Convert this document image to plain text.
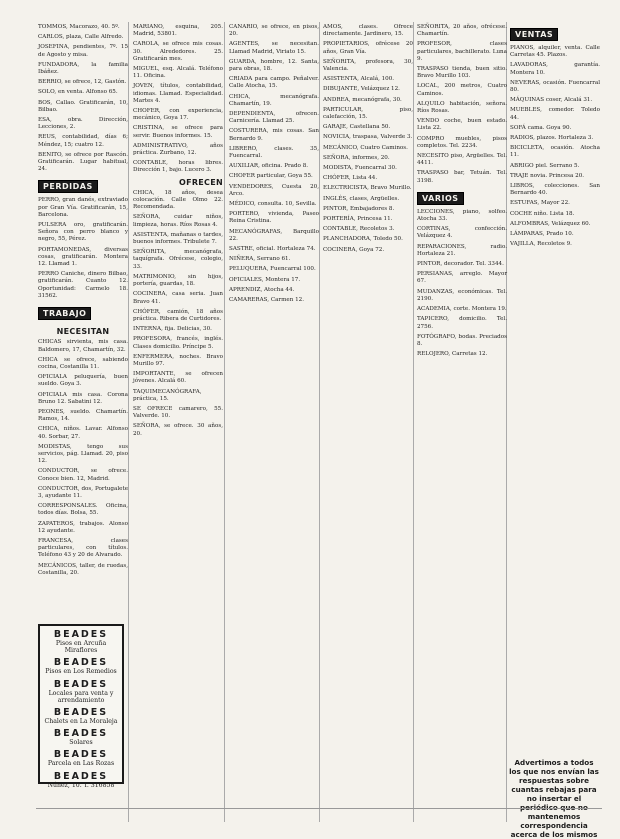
TOMMOS, Macorazo, 40. 5º.
CARLOS, plaza, Calle Alfredo.
JOSEFINA, pendientes, 7º. 15 de Agosto y misa.
FUNDADORA, la familia Ibáñez.
BERRIO, se ofrece, 12, Gastón.
SOLO, en venta. Alfonso 65.
BOS, Callao. Gratificarán, 10, Bilbao.
ESA, obra. Dirección, Lecciones, 2.
REUS, contabilidad, días 6; Méndez, 15; cuatro 12.
BENITO, se ofrece por Rascón. Gratificarán. Lugar habitual, 24.
PERDIDAS
PERRO, gran danés, extraviado por Gran Vía. Gratificarán, 15, Barcelona.
PULSERA oro, gratificarán. Señora con perro blanco y negro, 55, Pérez.
PORTAMONEDAS, diversas cosas, gratificarán. Montera 12. Llamad 1.
PERRO Caniche, dinero Bilbao, gratificarán. Cuanto 12. Oportunidad: Carmelo 18. 31562.
TRABAJO
NECESITAN
CHICAS sirvienta, mis casa. Baldomero, 17, Chamartín, 32.
CHICA se ofrece, sabiendo cocina, Costanilla 11.
OFICIALA peluquería, buen sueldo. Goya 3.
OFICIALA mis casa. Corona Bruno 12. Sabatini 12.
PEONES, sueldo. Chamartín. Ramos, 14.
CHICA, niños. Lavar. Alfonso 40. Sorbar, 27.
MODISTAS, tengo sus servicios, pág. Llamad. 20, piso 12.
CONDUCTOR, se ofrece. Conoce bien. 12, Madrid.
CONDUCTOR, dos, Portugalete 3, ayudante 11.
CORRESPONSALES. Oficina, todos días. Bolsa, 55.
ZAPATEROS, trabajos. Alonso 12 ayudante.
FRANCESA, clases particulares, con títulos. Teléfono 43 y 20 de Alvarado.
MECÁNICOS, taller, de ruedas, Costanilla, 20.
MARIANO, esquina, 205. Madrid, 53801.
CAROLA, se ofrece mis cosas. 30. Alrededores. 25. Gratificarán mes.
MIGUEL, esq. Alcalá. Teléfono 11. Oficina.
JOVEN, títulos, contabilidad, idiomas. Llamad. Especialidad. Martes 4.
CHOFER, con experiencia, mecánico, Goya 17.
CRISTINA, se ofrece para servir. Buenos informes. 15.
ADMINISTRATIVO, años práctica. Zurbano, 12.
CONTABLE, horas libres. Dirección 1, bajo. Lucero 3.
OFRECEN
CHICA, 18 años, desea colocación. Calle Olmo 22. Recomendada.
SEÑORA, cuidar niños, limpieza, horas. Ríos Rosas 4.
ASISTENTA, mañanas o tardes, buenos informes. Tribulete 7.
SEÑORITA, mecanógrafa, taquígrafa. Ofrécese, colegio, 33.
MATRIMONIO, sin hijos, portería, guardas, 18.
COCINERA, casa seria. Juan Bravo 41.
CHÓFER, camión, 18 años práctica. Ribera de Curtidores.
INTERNA, fija. Delicias, 30.
PROFESORA, francés, inglés. Clases domicilio. Príncipe 5.
ENFERMERA, noches. Bravo Murillo 97.
IMPORTANTE, se ofrecen jóvenes. Alcalá 60.
TAQUIMECANÓGRAFA, práctica, 15.
SE OFRECE camarero, 55. Valverde. 10.
SEÑORA, se ofrece. 30 años, 20.
CANARIO, se ofrece, en pisos, 20.
AGENTES, se necesitan. Llamad Madrid, Viriato 15.
GUARDA, hombre, 12. Santa, para obras, 18.
CRIADA para campo. Peñalver. Calle Atocha, 15.
CHICA, mecanógrafa. Chamartín, 19.
DEPENDIENTA, ofrecen. Carnicería. Llamad 25.
COSTURERA, mis cosas. San Bernardo 9.
LIBRERO, clases. 35, Fuencarral.
AUXILIAR, oficina. Prado 8.
CHOFER particular, Goya 55.
VENDEDORES, Cuesta 20, Arco.
MÉDICO, consulta. 10, Sevilla.
PORTERO, vivienda, Paseo Reina Cristina.
MECANÓGRAFAS, Barquillo 22.
SASTRE, oficial. Hortaleza 74.
NIÑERA, Serrano 61.
PELUQUERA, Fuencarral 100.
OFICIALES, Montera 17.
APRENDIZ, Atocha 44.
CAMARERAS, Carmen 12.
AMOS, clases. Ofrece directamente. Jardinero, 15.
PROPIETARIOS, ofrécese 20 años, Gran Vía.
SEÑORITA, profesora, 30, Valencia.
ASISTENTA, Alcalá, 100.
DIBUJANTE, Velázquez 12.
ANDREA, mecanógrafa, 30.
PARTICULAR, piso, calefacción, 15.
GARAJE, Castellana 50.
NOVICIA, traspasa, Valverde 3.
MECÁNICO, Cuatro Caminos.
SEÑORA, informes, 20.
MODISTA, Fuencarral 30.
CHÓFER, Lista 44.
ELECTRICISTA, Bravo Murillo.
INGLÉS, clases, Argüelles.
PINTOR, Embajadores 8.
PORTERÍA, Princesa 11.
CONTABLE, Recoletos 3.
PLANCHADORA, Toledo 50.
COCINERA, Goya 72.
SEÑORITA, 20 años, ofrécese. Chamartín.
PROFESOR, clases particulares, bachillerato. Luna 9.
TRASPASO tienda, buen sitio. Bravo Murillo 103.
LOCAL, 200 metros, Cuatro Caminos.
ALQUILO habitación, señora. Ríos Rosas.
VENDO coche, buen estado. Lista 22.
COMPRO muebles, pisos completos. Tel. 2234.
NECESITO piso, Argüelles. Tel. 4411.
TRASPASO bar, Tetuán. Tel. 3198.
VARIOS
LECCIONES, piano, solfeo. Atocha 33.
CORTINAS, confección. Velázquez 4.
REPARACIONES, radio. Hortaleza 21.
PINTOR, decorador. Tel. 3344.
PERSIANAS, arreglo. Mayor 67.
MUDANZAS, económicas. Tel. 2190.
ACADEMIA, corte. Montera 19.
TAPICERO, domicilio. Tel. 2756.
FOTÓGRAFO, bodas. Preciados 8.
RELOJERO, Carretas 12.
VENTAS
PIANOS, alquiler, venta. Calle Carretas 45. Plazos.
LAVADORAS, garantía. Montera 10.
NEVERAS, ocasión. Fuencarral 80.
MÁQUINAS coser, Alcalá 31.
MUEBLES, comedor. Toledo 44.
SOFÁ cama. Goya 90.
RADIOS, plazos. Hortaleza 3.
BICICLETA, ocasión. Atocha 11.
ABRIGO piel. Serrano 5.
TRAJE novia. Princesa 20.
LIBROS, colecciones. San Bernardo 40.
ESTUFAS, Mayor 22.
COCHE niño. Lista 18.
ALFOMBRAS, Velázquez 60.
LÁMPARAS, Prado 10.
VAJILLA, Recoletos 9.
BEADES
Pisos en Arcuña Miraflores
BEADES
Pisos en Los Remedios
BEADES
Locales para venta y arrendamiento
BEADES
Chalets en La Moraleja
BEADES
Solares
BEADES
Parcela en Las Rozas
BEADES
Núñez, 10. T. 316858
Advertimos a todos los que nos envían las respuestas sobre cuantas rebajas para no insertar el mantenemos correspondencia acerca de los mismos
